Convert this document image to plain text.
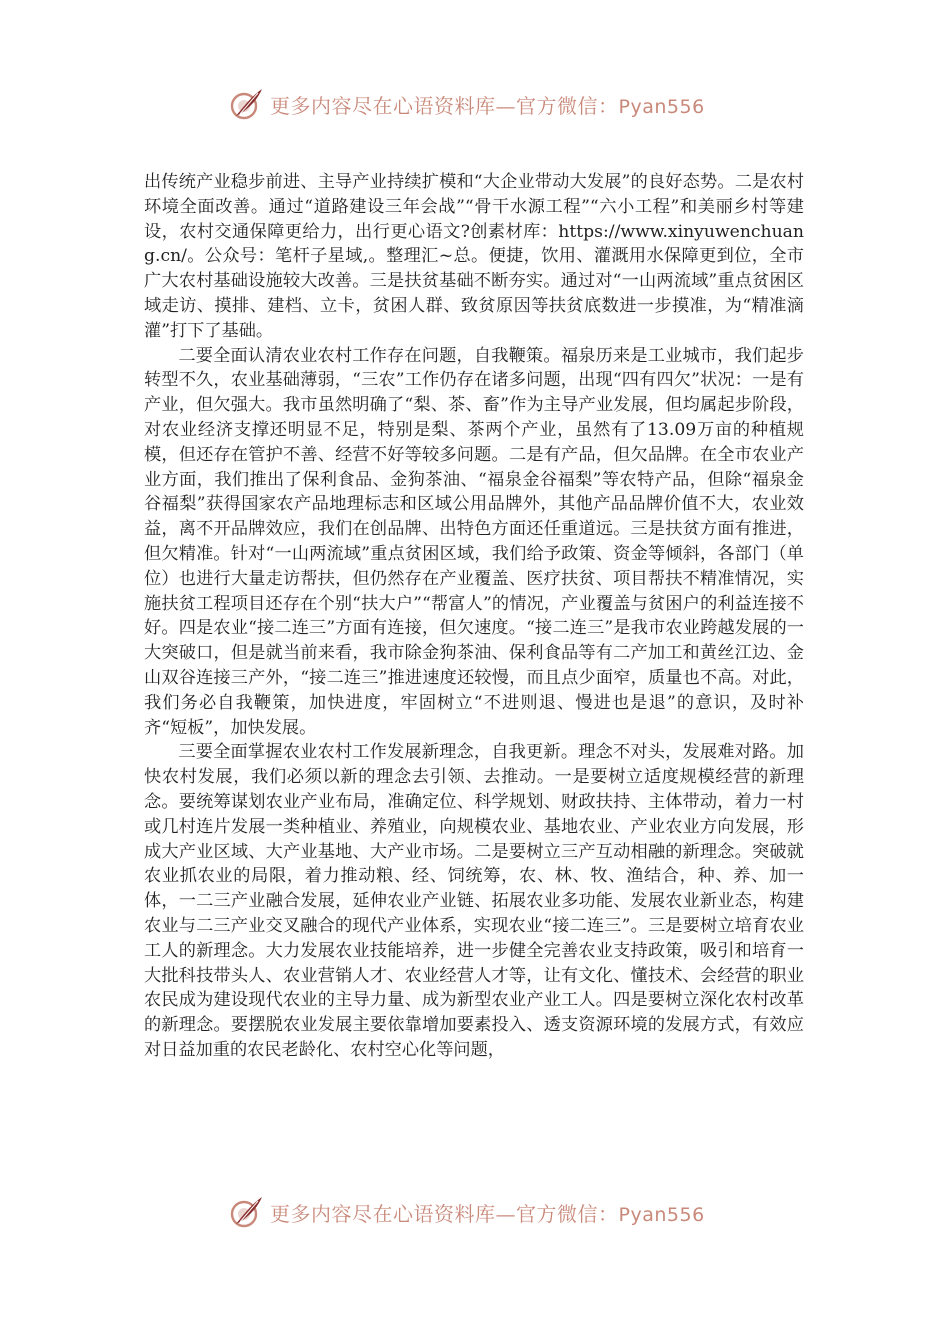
更多内容尽在心语资料库—官方微信：Pyan556

出传统产业稳步前进、主导产业持续扩模和“大企业带动大发展”的良好态势。二是农村环境全面改善。通过“道路建设三年会战”“骨干水源工程”“六小工程”和美丽乡村等建设，农村交通保障更给力，出行更心语文?创素材库：https://www.xinyuwenchuang.cn/。公众号：笔杆子星域,。整理汇~总。便捷，饮用、灌溉用水保障更到位，全市广大农村基础设施较大改善。三是扶贫基础不断夯实。通过对“一山两流域”重点贫困区域走访、摸排、建档、立卡，贫困人群、致贫原因等扶贫底数进一步摸准，为“精准滴灌”打下了基础。

二要全面认清农业农村工作存在问题，自我鞭策。福泉历来是工业城市，我们起步转型不久，农业基础薄弱，“三农”工作仍存在诸多问题，出现“四有四欠”状况：一是有产业，但欠强大。我市虽然明确了“梨、茶、畜”作为主导产业发展，但均属起步阶段，对农业经济支撑还明显不足，特别是梨、茶两个产业，虽然有了13.09万亩的种植规模，但还存在管护不善、经营不好等较多问题。二是有产品，但欠品牌。在全市农业产业方面，我们推出了保利食品、金狗茶油、“福泉金谷福梨”等农特产品，但除“福泉金谷福梨”获得国家农产品地理标志和区域公用品牌外，其他产品品牌价值不大，农业效益，离不开品牌效应，我们在创品牌、出特色方面还任重道远。三是扶贫方面有推进，但欠精准。针对“一山两流域”重点贫困区域，我们给予政策、资金等倾斜，各部门（单位）也进行大量走访帮扶，但仍然存在产业覆盖、医疗扶贫、项目帮扶不精准情况，实施扶贫工程项目还存在个别“扶大户”“帮富人”的情况，产业覆盖与贫困户的利益连接不好。四是农业“接二连三”方面有连接，但欠速度。“接二连三”是我市农业跨越发展的一大突破口，但是就当前来看，我市除金狗茶油、保利食品等有二产加工和黄丝江边、金山双谷连接三产外，“接二连三”推进速度还较慢，而且点少面窄，质量也不高。对此，我们务必自我鞭策，加快进度，牢固树立“不进则退、慢进也是退”的意识，及时补齐“短板”，加快发展。

三要全面掌握农业农村工作发展新理念，自我更新。理念不对头，发展难对路。加快农村发展，我们必须以新的理念去引领、去推动。一是要树立适度规模经营的新理念。要统筹谋划农业产业布局，准确定位、科学规划、财政扶持、主体带动，着力一村或几村连片发展一类种植业、养殖业，向规模农业、基地农业、产业农业方向发展，形成大产业区域、大产业基地、大产业市场。二是要树立三产互动相融的新理念。突破就农业抓农业的局限，着力推动粮、经、饲统筹，农、林、牧、渔结合，种、养、加一体，一二三产业融合发展，延伸农业产业链、拓展农业多功能、发展农业新业态，构建农业与二三产业交叉融合的现代产业体系，实现农业“接二连三”。三是要树立培育农业工人的新理念。大力发展农业技能培养，进一步健全完善农业支持政策，吸引和培育一大批科技带头人、农业营销人才、农业经营人才等，让有文化、懂技术、会经营的职业农民成为建设现代农业的主导力量、成为新型农业产业工人。四是要树立深化农村改革的新理念。要摆脱农业发展主要依靠增加要素投入、透支资源环境的发展方式，有效应对日益加重的农民老龄化、农村空心化等问题，

更多内容尽在心语资料库—官方微信：Pyan556
